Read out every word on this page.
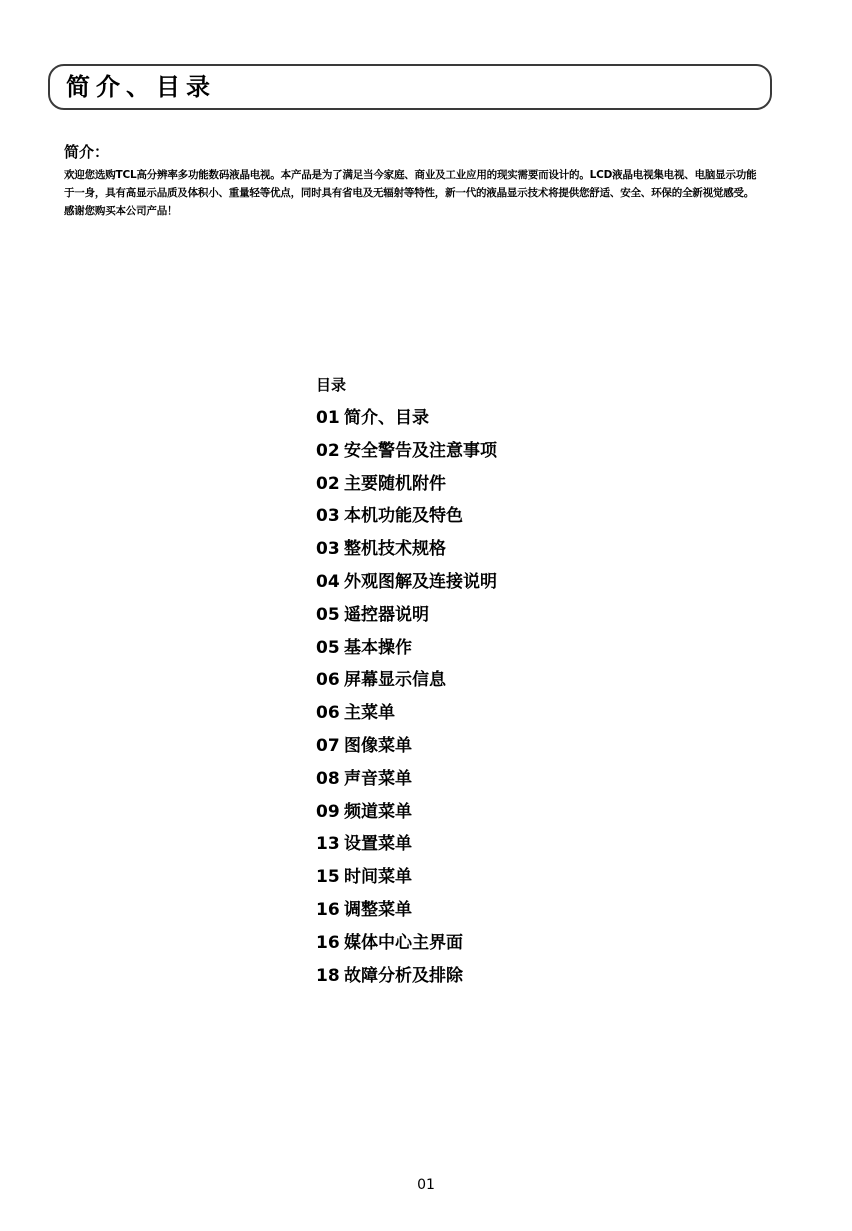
简介、目录
简介：

欢迎您选购TCL高分辨率多功能数码液晶电视。本产品是为了满足当今家庭、商业及工业应用的现实需要而设计的。LCD液晶电视集电视、电脑显示功能于一身，具有高显示品质及体积小、重量轻等优点，同时具有省电及无辐射等特性，新一代的液晶显示技术将提供您舒适、安全、环保的全新视觉感受。感谢您购买本公司产品！

目录
01 简介、目录
02 安全警告及注意事项
02 主要随机附件
03 本机功能及特色
03 整机技术规格
04 外观图解及连接说明
05 遥控器说明
05 基本操作
06 屏幕显示信息
06 主菜单
07 图像菜单
08 声音菜单
09 频道菜单
13 设置菜单
15 时间菜单
16 调整菜单
16 媒体中心主界面
18 故障分析及排除
01
